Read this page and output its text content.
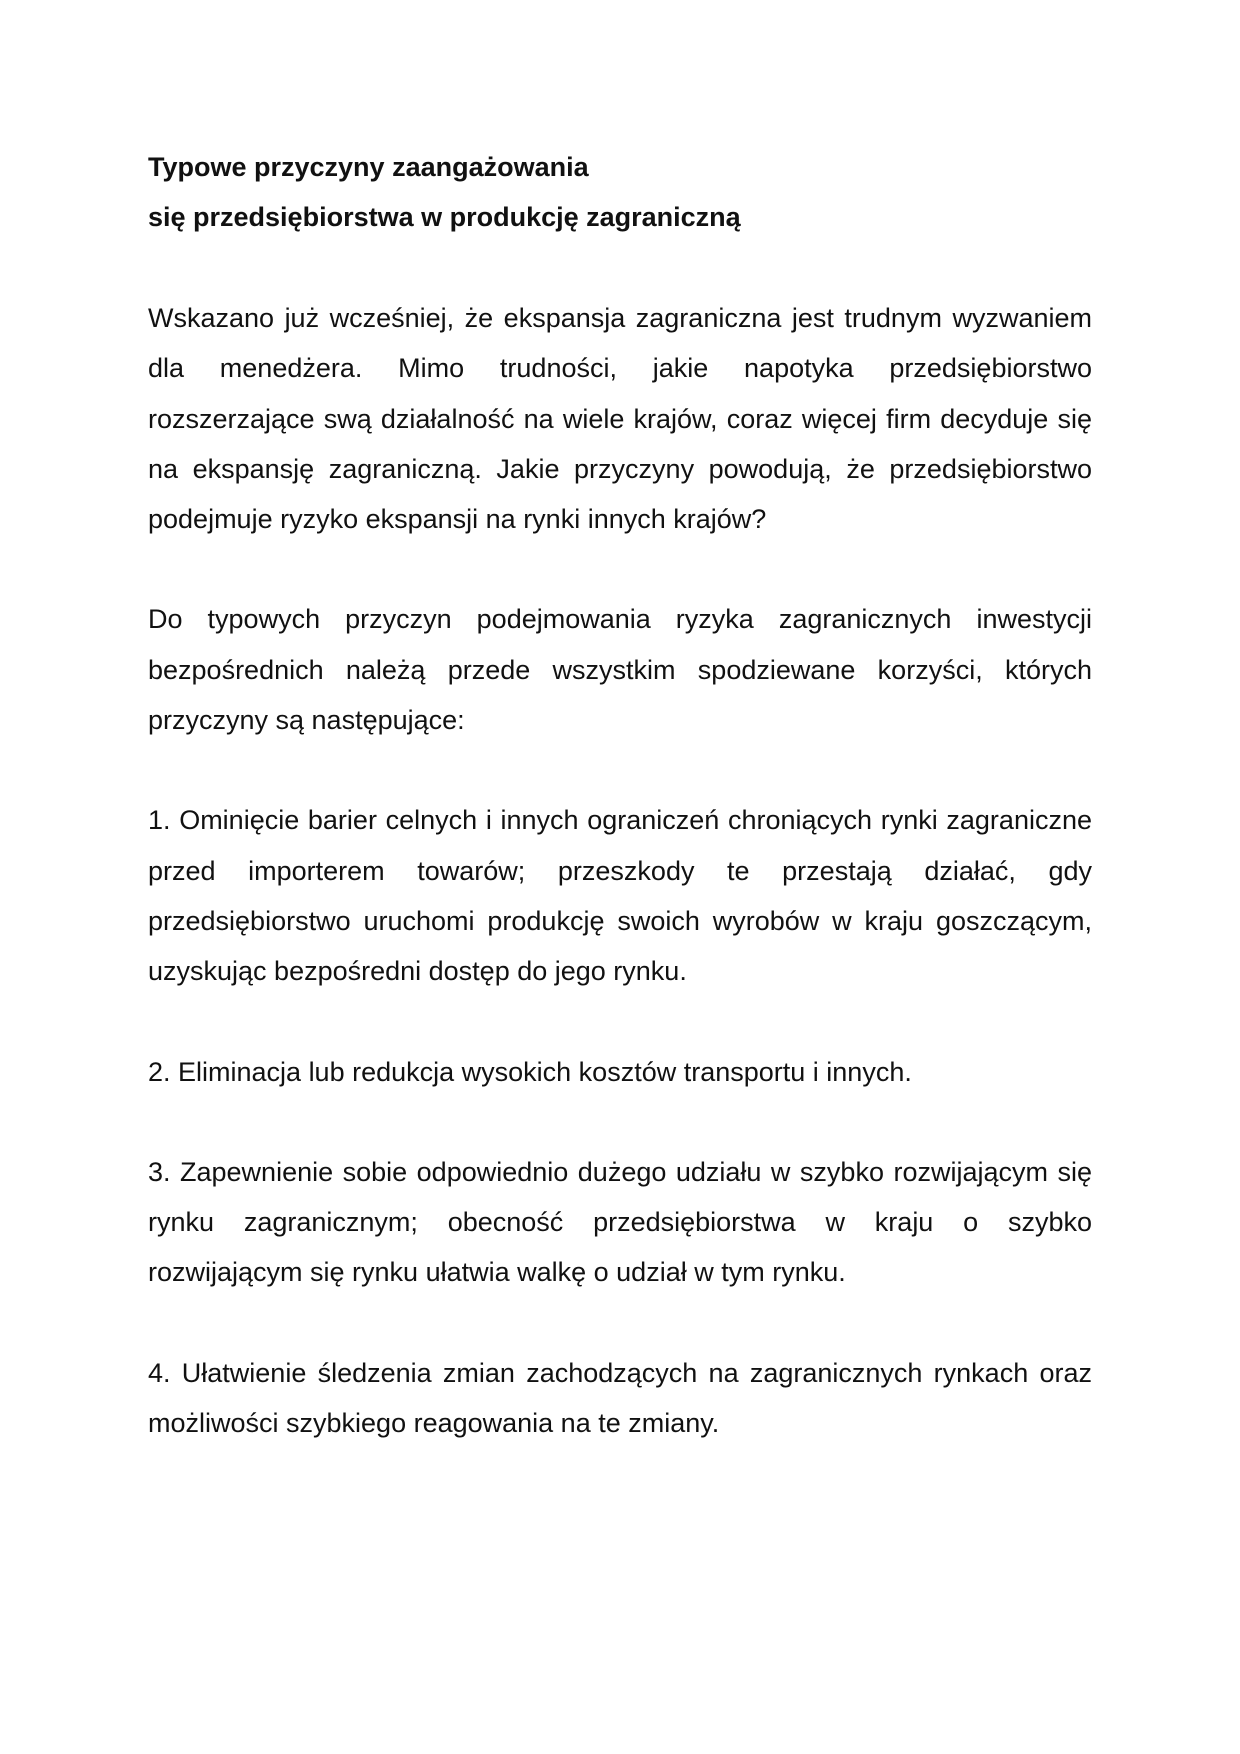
Typowe przyczyny zaangażowania
się przedsiębiorstwa w produkcję zagraniczną

Wskazano już wcześniej, że ekspansja zagraniczna jest trudnym wyzwaniem dla menedżera. Mimo trudności, jakie napotyka przedsiębiorstwo rozszerzające swą działalność na wiele krajów, coraz więcej firm decyduje się na ekspansję zagraniczną. Jakie przyczyny powodują, że przedsiębiorstwo podejmuje ryzyko ekspansji na rynki innych krajów?

Do typowych przyczyn podejmowania ryzyka zagranicznych inwestycji bezpośrednich należą przede wszystkim spodziewane korzyści, których przyczyny są następujące:

1. Ominięcie barier celnych i innych ograniczeń chroniących rynki zagraniczne przed importerem towarów; przeszkody te przestają działać, gdy przedsiębiorstwo uruchomi produkcję swoich wyrobów w kraju goszczącym, uzyskując bezpośredni dostęp do jego rynku.

2. Eliminacja lub redukcja wysokich kosztów transportu i innych.

3. Zapewnienie sobie odpowiednio dużego udziału w szybko rozwijającym się rynku zagranicznym; obecność przedsiębiorstwa w kraju o szybko rozwijającym się rynku ułatwia walkę o udział w tym rynku.

4. Ułatwienie śledzenia zmian zachodzących na zagranicznych rynkach oraz możliwości szybkiego reagowania na te zmiany.
